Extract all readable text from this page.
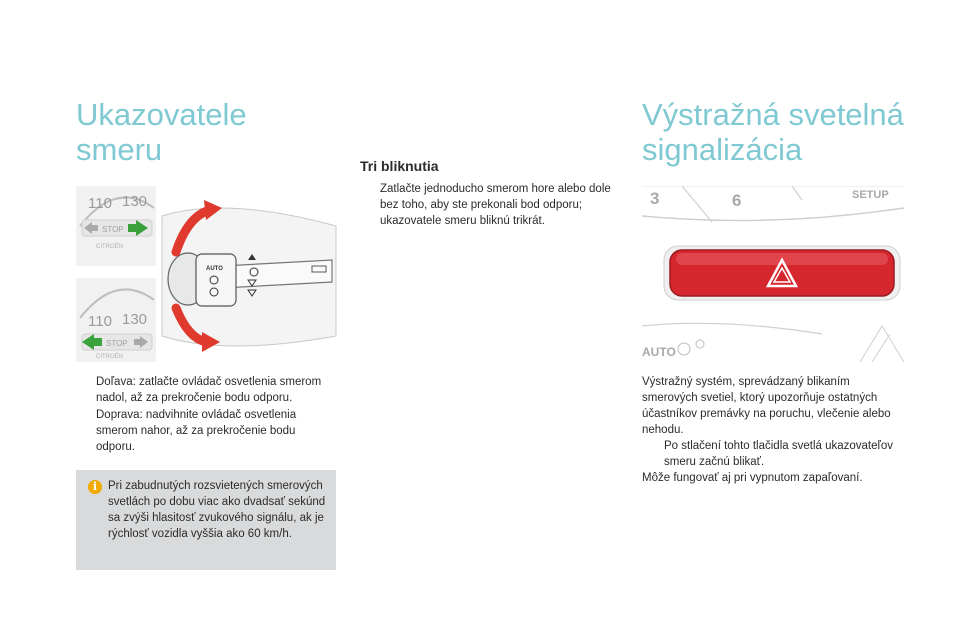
Ukazovatele
smeru
Výstražná svetelná
signalizácia
110 130
STOP
CITROËN
110 130
STOP
CITROËN
AUTO
Tri bliknutia
Zatlačte jednoducho smerom hore alebo dole bez toho, aby ste prekonali bod odporu; ukazovatele smeru bliknú trikrát.
Doľava: zatlačte ovládač osvetlenia smerom nadol, až za prekročenie bodu odporu.
Doprava: nadvihnite ovládač osvetlenia smerom nahor, až za prekročenie bodu odporu.
i Pri zabudnutých rozsvietených smerových svetlách po dobu viac ako dvadsať sekúnd sa zvýši hlasitosť zvukového signálu, ak je rýchlosť vozidla vyššia ako 60 km/h.
3	6	SETUP
AUTO

Výstražný systém, sprevádzaný blikaním smerových svetiel, ktorý upozorňuje ostatných účastníkov premávky na poruchu, vlečenie alebo nehodu.

Po stlačení tohto tlačidla svetlá ukazovateľov smeru začnú blikať.

Môže fungovať aj pri vypnutom zapaľovaní.
